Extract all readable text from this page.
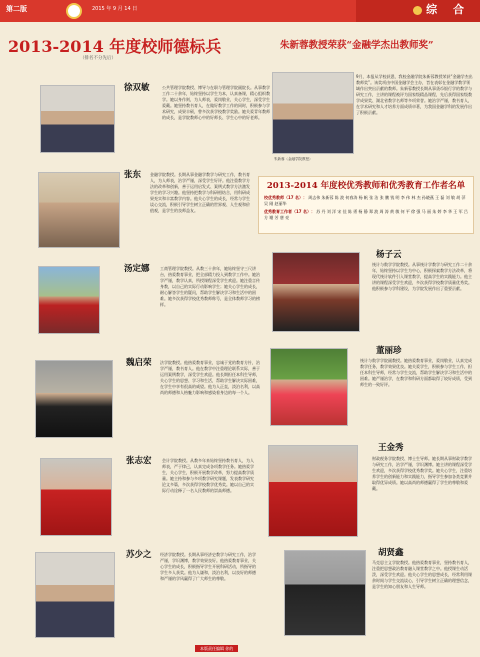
第二版	2015 年 9 月 14 日	综 合
2013-2014 年度校师德标兵
（排名不分先后）
徐双敏	公共管理学院教授、博导与在职与管理学院副院长。从事教学工作二十余年，始终坚持以学生为本，认真备课，精心组织教学。她以身作则，为人师表，爱岗敬业，关心学生，深受学生爱戴。她坚持教书育人，在做好教学工作的同时，积极参与学术研究，成果丰硕，曾多次获学校教学奖励。她关爱青年教师的成长，是学院教师心中的好师长、学生心中的好老师。
张东 金融学院教授。长期从事金融学教学与研究工作，教书育人，为人师表，治学严谨，深受学生好评。他注重教学方法的改革和创新，善于运用启发式、案例式教学方法激发学生的学习兴趣。他坚持把教学与科研相结合，用科研成果充实和丰富教学内容。他关心学生的成长，经常与学生谈心交流，积极引导学生树立正确的世界观、人生观和价值观，是学生的良师益友。
汤定娜	工商管理学院教授。从教三十余年，她始终坚守三尺讲台，热爱教育事业，把全部精力投入到教学工作中。她治学严谨，教学认真，所授课程深受学生欢迎。她注重言传身教，以自己的实际行动影响学生；她关心学生的成长，耐心解答学生的疑问，帮助学生解决学习和生活中的困难。她多次获得学校优秀教师称号，是全体教师学习的榜样。
魏启荣 法学院教授。他热爱教育事业，忠诚于党的教育方针，治学严谨，教书育人。他在教学中注重理论联系实际，善于运用案例教学，深受学生欢迎。他长期担任本科生导师，关心学生的思想、学习和生活，帮助学生解决实际困难，在学生中享有很高的威望。他为人正直，淡泊名利，以高尚的师德和人格魅力影响和感染着身边的每一个人。
张志宏	会计学院教授。从教多年来始终坚持教书育人，为人师表，严于律己，认真完成各项教学任务。她热爱学生，关心学生，积极开展教学改革，努力提高教学质量。她主持和参与多项教学研究课题，发表教学研究论文多篇，多次获得学校教学优秀奖。她以自己的实际行动诠释了一名人民教师的崇高师德。
苏少之 经济学院教授。长期从事经济史教学与研究工作，治学严谨，学识渊博，教学效果良好。他热爱教育事业，关心学生的成长，积极指导学生开展科研活动，所指导的学生多人获奖。他为人谦和，淡泊名利，以良好的师德和严谨的学风赢得了广大师生的尊敬。
朱新蓉教授荣获“金融学杰出教师奖”
朱新蓉（金融学院教授）
9月，本报从学校获悉，我校金融学院朱新蓉教授荣获“金融学杰出教师奖”。该奖项由中国金融学会主办，旨在表彰在金融学教学领域作出突出贡献的教师。朱新蓉教授长期从事货币银行学的教学与研究工作，主讲的课程被评为国家级精品课程，先后获得国家级教学成果奖、湖北省教学名师等多项荣誉。她治学严谨，教书育人，在学术研究和人才培养方面成绩卓著，为我国金融学科的发展作出了积极贡献。
2013-2014 年度校优秀教师和优秀教育工作者名单
校优秀教师（17 名）： 周志伟 朱新蓉 陈 波 何春涛 杨 帆 张 洁 张 鹏 钱 明 李 伟 林 杰 孙晓燕 王 磊 刘 敏 胡 萍 吴 刚 赵丽华
优秀教育工作者（17 名）： 苏 丹 刘 洋 宋 佳 陈 勇 杨 静 郑 波 周 涛 黄 敏 何 平 徐 强 马 丽 朱 婷 李 华 王 军 吕 方 谢 芳 唐 亮
杨子云
统计与数学学院教授。从事统计学教学与研究工作二十余年，始终坚持以学生为中心，积极探索教学方法改革，将现代统计软件引入课堂教学，提高学生的实践能力。他主讲的课程深受学生欢迎，多次获得学校教学质量优秀奖。他积极参与学科建设，为学院发展作出了重要贡献。
董丽珍
统计与数学学院副教授。她热爱教育事业，爱岗敬业，认真完成教学任务，教学效果优良。她关爱学生，积极参与学生工作，担任本科生导师，经常与学生交流，帮助学生解决学习和生活中的困难。她严谨治学，在教学和科研方面都取得了较好成绩，受到师生的一致好评。
王金秀
财政税务学院教授、博士生导师。她长期从事财政学教学与研究工作，治学严谨，学识渊博。她主讲的课程深受学生欢迎，多次获得学校优秀教学奖。她关心学生，注重培养学生的创新能力和实践能力，指导学生参加各类竞赛并取得优异成绩。她以高尚的师德赢得了学生的尊敬和爱戴。
胡贤鑫
马克思主义学院教授。他热爱教育事业，坚持教书育人，注重把思想政治教育融入课堂教学之中。他授课生动活泼，深受学生欢迎。他关心学生的思想成长，经常利用课余时间与学生交流谈心，引导学生树立正确的理想信念，是学生的知心朋友和人生导师。
本版责任编辑 你的
